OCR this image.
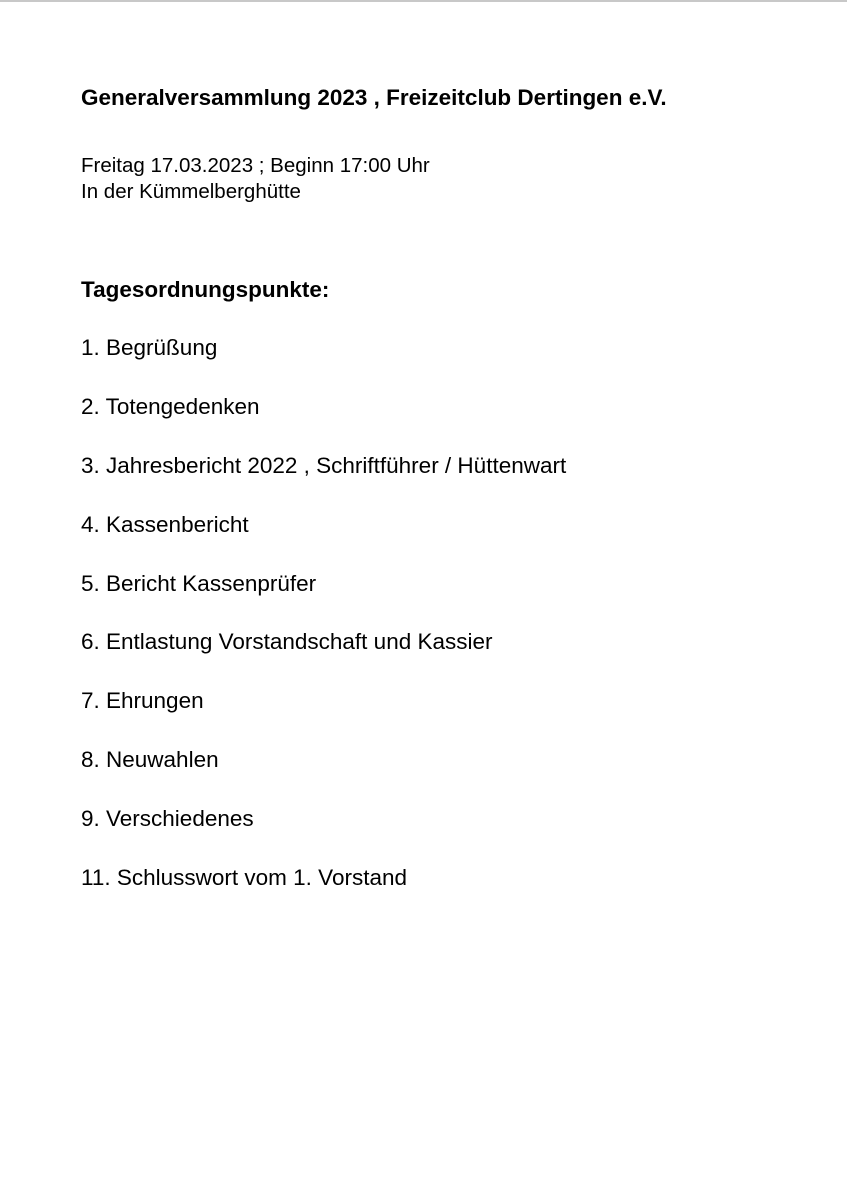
Generalversammlung 2023 , Freizeitclub Dertingen e.V.

Freitag 17.03.2023 ; Beginn 17:00 Uhr

In der Kümmelberghütte

Tagesordnungspunkte:
1. Begrüßung
2. Totengedenken
3. Jahresbericht 2022 , Schriftführer / Hüttenwart
4. Kassenbericht
5. Bericht Kassenprüfer
6. Entlastung Vorstandschaft und Kassier
7. Ehrungen
8. Neuwahlen
9. Verschiedenes
11. Schlusswort vom 1. Vorstand
